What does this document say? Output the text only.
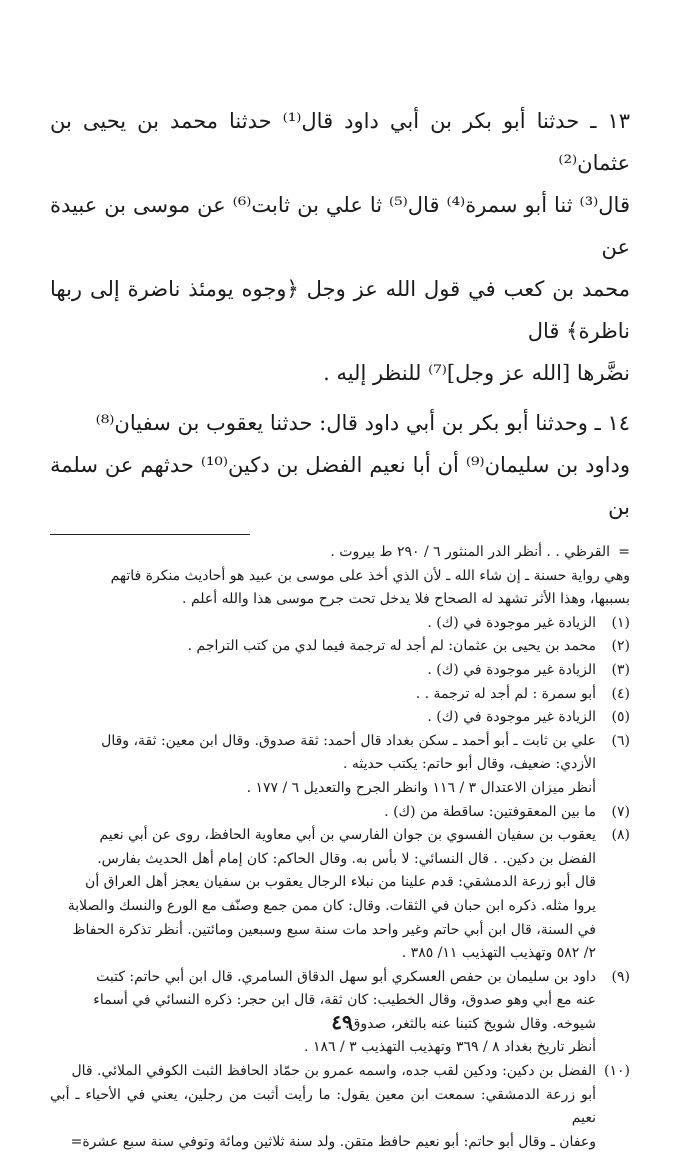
١٣ ـ حدثنا أبو بكر بن أبي داود قال⁽¹⁾ حدثنا محمد بن يحيى بن عثمان⁽²⁾

قال⁽³⁾ ثنا أبو سمرة⁽⁴⁾ قال⁽⁵⁾ ثا علي بن ثابت⁽⁶⁾ عن موسى بن عبيدة عن

محمد بن كعب في قول الله عز وجل ﴿وجوه يومئذ ناضرة إلى ربها ناظرة﴾ قال

نضَّرها [الله عز وجل]⁽⁷⁾ للنظر إليه .

١٤ ـ وحدثنا أبو بكر بن أبي داود قال: حدثنا يعقوب بن سفيان⁽⁸⁾

وداود بن سليمان⁽⁹⁾ أن أبا نعيم الفضل بن دكين⁽¹⁰⁾ حدثهم عن سلمة بن

=
القرظي . . أنظر الدر المنثور ٦ / ٢٩٠ ط بيروت .
وهي رواية حسنة ـ إن شاء الله ـ لأن الذي أخذ على موسى بن عبيد هو أحاديث منكرة فاتهم
بسببها، وهذا الأثر تشهد له الصحاح فلا يدخل تحت جرح موسى هذا والله أعلم .
(١)
الزيادة غير موجودة في (ك) .
(٢)
محمد بن يحيى بن عثمان: لم أجد له ترجمة فيما لدي من كتب التراجم .
(٣)
الزيادة غير موجودة في (ك) .
(٤)
أبو سمرة : لم أجد له ترجمة . .
(٥)
الزيادة غير موجودة في (ك) .
(٦)
علي بن ثابت ـ أبو أحمد ـ سكن بغداد قال أحمد: ثقة صدوق. وقال ابن معين: ثقة، وقال
الأزدي: ضعيف، وقال أبو حاتم: يكتب حديثه .
أنظر ميزان الاعتدال ٣ / ١١٦ وانظر الجرح والتعديل ٦ / ١٧٧ .
(٧)
ما بين المعقوفتين: ساقطة من (ك) .
(٨)
يعقوب بن سفيان الفسوي بن جوان الفارسي بن أبي معاوية الحافظ، روى عن أبي نعيم
الفضل بن دكين. . قال النسائي: لا بأس به. وقال الحاكم: كان إمام أهل الحديث بفارس.
قال أبو زرعة الدمشقي: قدم علينا من نبلاء الرجال يعقوب بن سفيان يعجز أهل العراق أن
يروا مثله. ذكره ابن حبان في الثقات. وقال: كان ممن جمع وصنّف مع الورع والنسك والصلابة
في السنة، قال ابن أبي حاتم وغير واحد مات سنة سبع وسبعين ومائتين. أنظر تذكرة الحفاظ
٢/ ٥٨٢ وتهذيب التهذيب ١١/ ٣٨٥ .
(٩)
داود بن سليمان بن حفص العسكري أبو سهل الدقاق السامري. قال ابن أبي حاتم: كتبت
عنه مع أبي وهو صدوق، وقال الخطيب: كان ثقة، قال ابن حجر: ذكره النسائي في أسماء
شيوخه. وقال شويخ كتبنا عنه بالثغر، صدوق.
أنظر تاريخ بغداد ٨ / ٣٦٩ وتهذيب التهذيب ٣ / ١٨٦ .
(١٠)
الفضل بن دكين: ودكين لقب جده، واسمه عمرو بن حمّاد الحافظ الثبت الكوفي الملائي. قال
أبو زرعة الدمشقي: سمعت ابن معين يقول: ما رأيت أثبت من رجلين، يعني في الأحياء ـ أبي نعيم
وعفان ـ وقال أبو حاتم: أبو نعيم حافظ متقن. ولد سنة ثلاثين ومائة وتوفي سنة سبع عشرة=
٤٩
